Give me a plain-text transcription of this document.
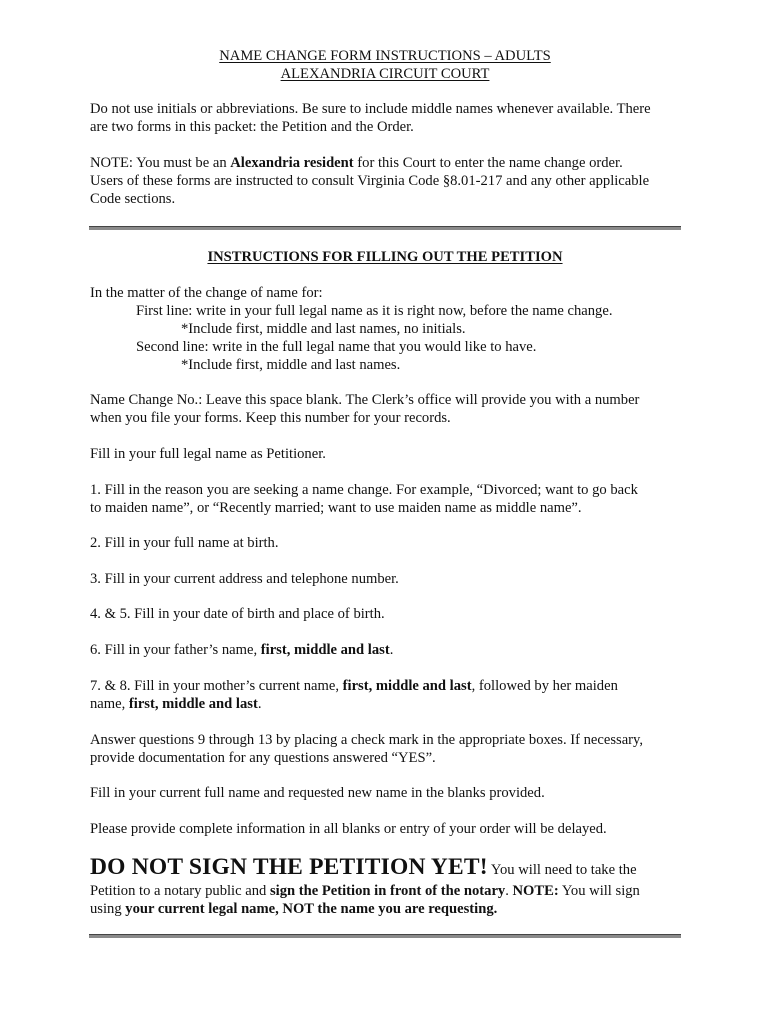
NAME CHANGE FORM INSTRUCTIONS – ADULTS
ALEXANDRIA CIRCUIT COURT
Do not use initials or abbreviations. Be sure to include middle names whenever available. There
are two forms in this packet: the Petition and the Order.
NOTE: You must be an Alexandria resident for this Court to enter the name change order.
Users of these forms are instructed to consult Virginia Code §8.01-217 and any other applicable
Code sections.
INSTRUCTIONS FOR FILLING OUT THE PETITION
In the matter of the change of name for:
First line: write in your full legal name as it is right now, before the name change.
*Include first, middle and last names, no initials.
Second line: write in the full legal name that you would like to have.
*Include first, middle and last names.
Name Change No.: Leave this space blank. The Clerk’s office will provide you with a number
when you file your forms. Keep this number for your records.
Fill in your full legal name as Petitioner.
1. Fill in the reason you are seeking a name change. For example, “Divorced; want to go back
to maiden name”, or “Recently married; want to use maiden name as middle name”.
2. Fill in your full name at birth.
3. Fill in your current address and telephone number.
4. & 5. Fill in your date of birth and place of birth.
6. Fill in your father’s name, first, middle and last.
7. & 8. Fill in your mother’s current name, first, middle and last, followed by her maiden
name, first, middle and last.
Answer questions 9 through 13 by placing a check mark in the appropriate boxes. If necessary,
provide documentation for any questions answered “YES”.
Fill in your current full name and requested new name in the blanks provided.
Please provide complete information in all blanks or entry of your order will be delayed.
DO NOT SIGN THE PETITION YET! You will need to take the
Petition to a notary public and sign the Petition in front of the notary. NOTE: You will sign
using your current legal name, NOT the name you are requesting.
